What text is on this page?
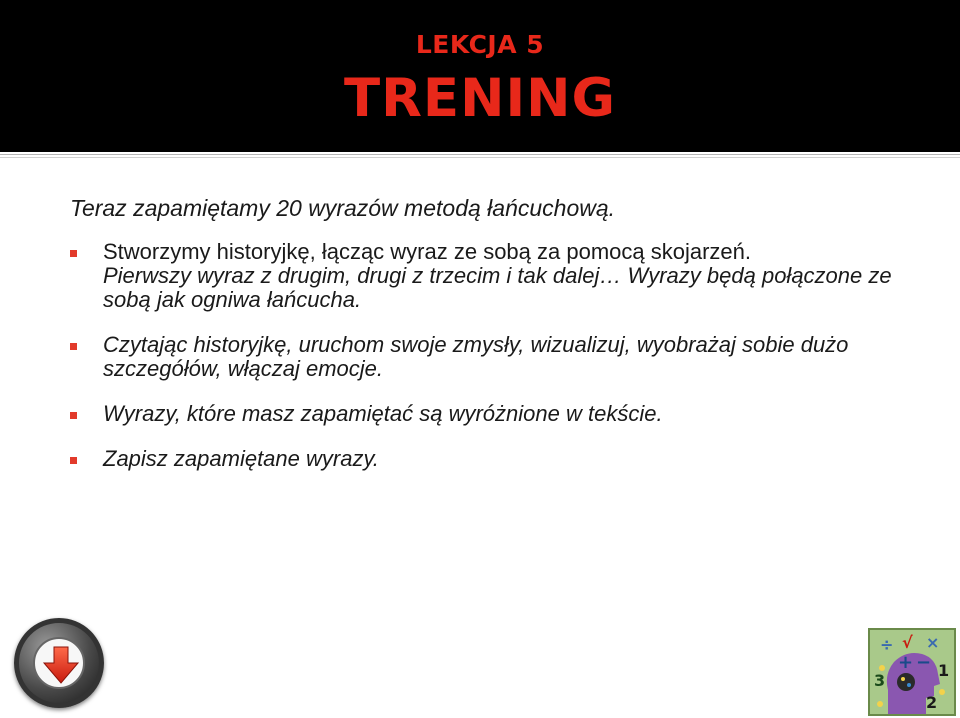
LEKCJA 5
TRENING

Teraz zapamiętamy 20 wyrazów metodą łańcuchową.

Stworzymy historyjkę, łącząc wyraz ze sobą za pomocą skojarzeń.
Pierwszy wyraz z drugim, drugi z trzecim i tak dalej… Wyrazy będą połączone ze sobą jak ogniwa łańcucha.
Czytając historyjkę, uruchom swoje zmysły, wizualizuj, wyobrażaj sobie dużo szczegółów, włączaj emocje.
Wyrazy, które masz zapamiętać są wyróżnione w tekście.
Zapisz zapamiętane wyrazy.
÷ √ ×
+ −
3
1
2
